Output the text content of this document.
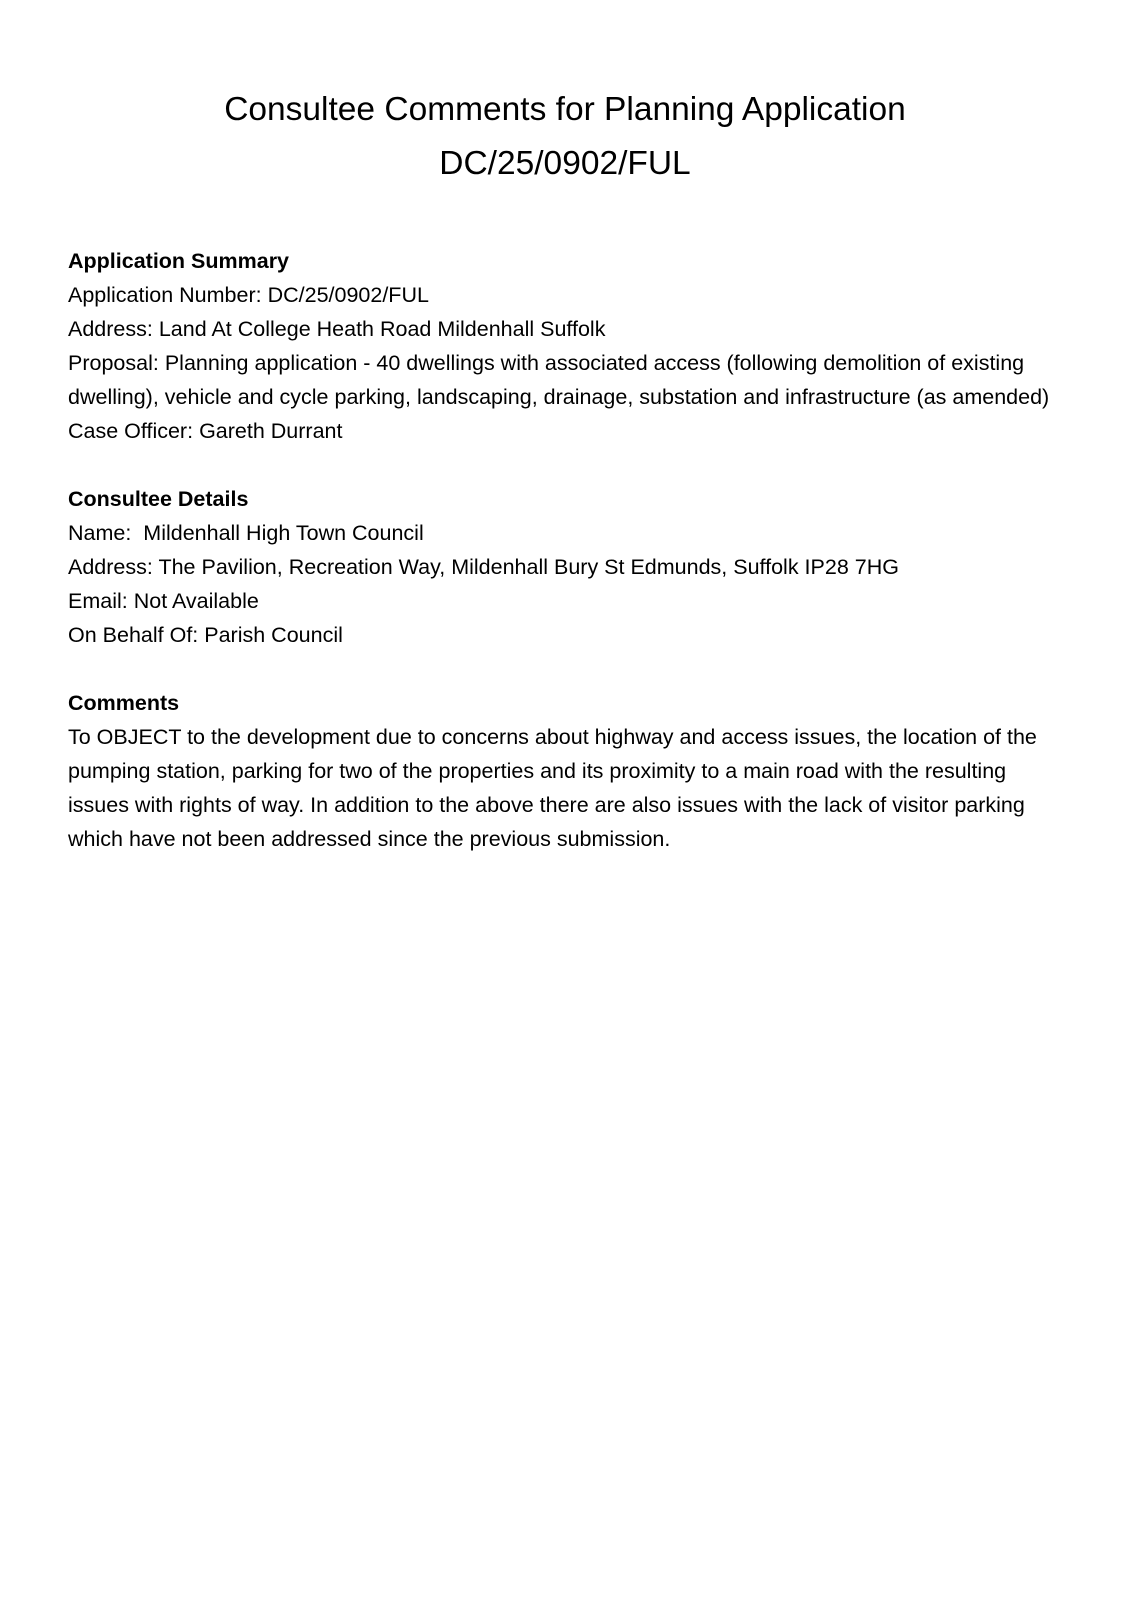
Consultee Comments for Planning Application
DC/25/0902/FUL

Application Summary

Application Number: DC/25/0902/FUL

Address: Land At College Heath Road Mildenhall Suffolk

Proposal: Planning application - 40 dwellings with associated access (following demolition of existing dwelling), vehicle and cycle parking, landscaping, drainage, substation and infrastructure (as amended)

Case Officer: Gareth Durrant

Consultee Details

Name:  Mildenhall High Town Council

Address: The Pavilion, Recreation Way, Mildenhall Bury St Edmunds, Suffolk IP28 7HG

Email: Not Available

On Behalf Of: Parish Council

Comments

To OBJECT to the development due to concerns about highway and access issues, the location of the pumping station, parking for two of the properties and its proximity to a main road with the resulting issues with rights of way. In addition to the above there are also issues with the lack of visitor parking which have not been addressed since the previous submission.
